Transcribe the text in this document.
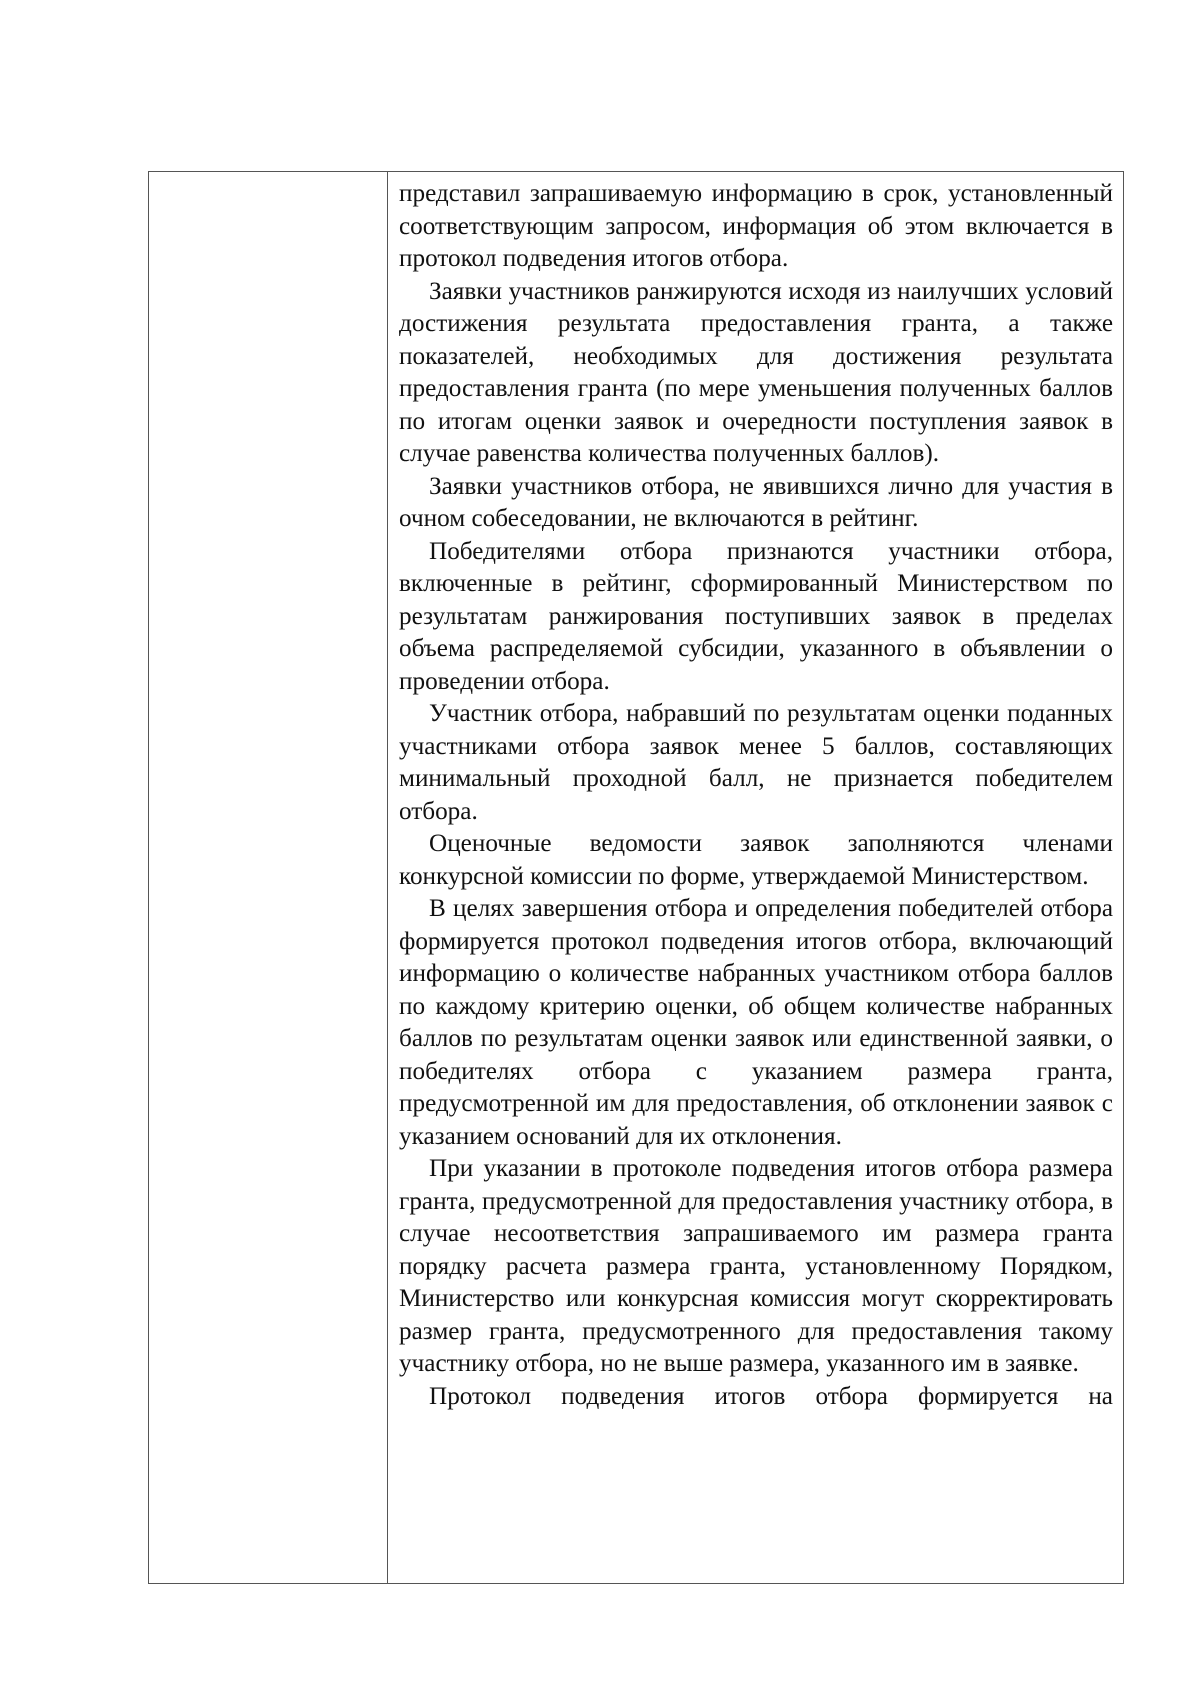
представил запрашиваемую информацию в срок, установленный соответствующим запросом, информация об этом включается в протокол подведения итогов отбора.

Заявки участников ранжируются исходя из наилучших условий достижения результата предоставления гранта, а также показателей, необходимых для достижения результата предоставления гранта (по мере уменьшения полученных баллов по итогам оценки заявок и очередности поступления заявок в случае равенства количества полученных баллов).

Заявки участников отбора, не явившихся лично для участия в очном собеседовании, не включаются в рейтинг.

Победителями отбора признаются участники отбора, включенные в рейтинг, сформированный Министерством по результатам ранжирования поступивших заявок в пределах объема распределяемой субсидии, указанного в объявлении о проведении отбора.

Участник отбора, набравший по результатам оценки поданных участниками отбора заявок менее 5 баллов, составляющих минимальный проходной балл, не признается победителем отбора.

Оценочные ведомости заявок заполняются членами конкурсной комиссии по форме, утверждаемой Министерством.

В целях завершения отбора и определения победителей отбора формируется протокол подведения итогов отбора, включающий информацию о количестве набранных участником отбора баллов по каждому критерию оценки, об общем количестве набранных баллов по результатам оценки заявок или единственной заявки, о победителях отбора с указанием размера гранта, предусмотренной им для предоставления, об отклонении заявок с указанием оснований для их отклонения.

При указании в протоколе подведения итогов отбора размера гранта, предусмотренной для предоставления участнику отбора, в случае несоответствия запрашиваемого им размера гранта порядку расчета размера гранта, установленному Порядком, Министерство или конкурсная комиссия могут скорректировать размер гранта, предусмотренного для предоставления такому участнику отбора, но не выше размера, указанного им в заявке.

Протокол подведения итогов отбора формируется на
